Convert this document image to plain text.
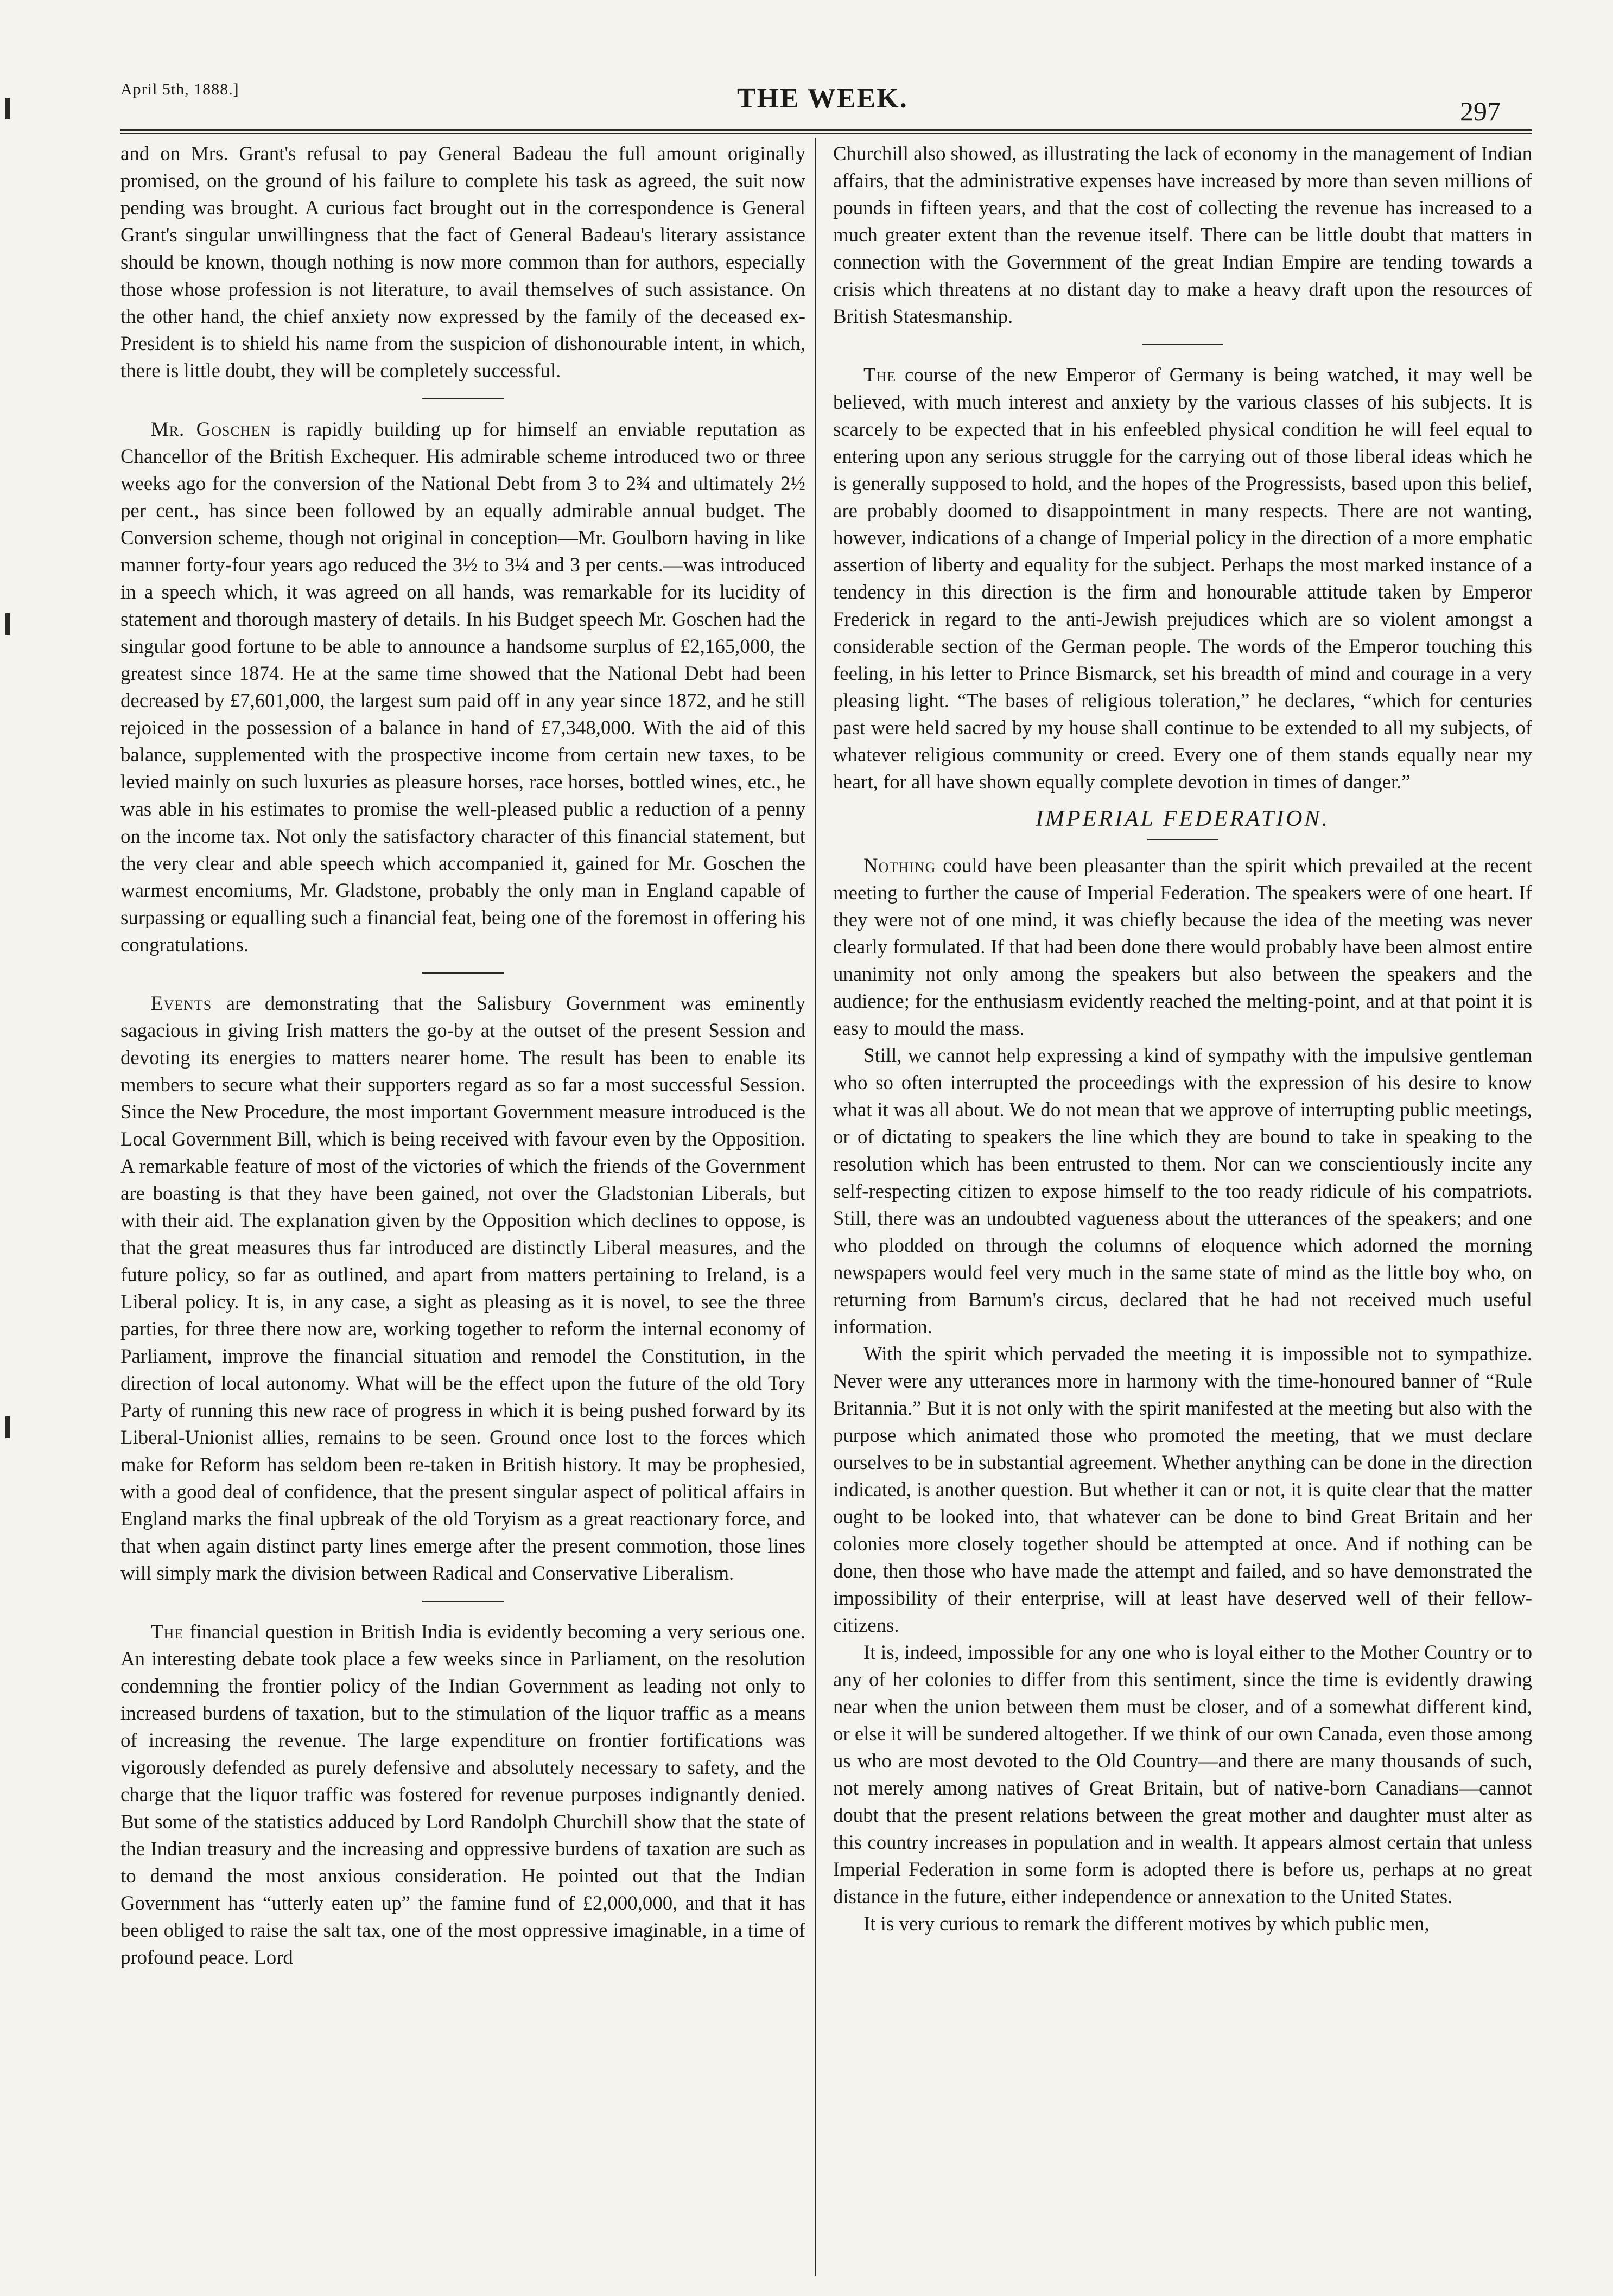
April 5th, 1888.]	THE WEEK.	297

and on Mrs. Grant's refusal to pay General Badeau the full amount originally promised, on the ground of his failure to complete his task as agreed, the suit now pending was brought. A curious fact brought out in the correspondence is General Grant's singular unwillingness that the fact of General Badeau's literary assistance should be known, though nothing is now more common than for authors, especially those whose profession is not literature, to avail themselves of such assistance. On the other hand, the chief anxiety now expressed by the family of the deceased ex-President is to shield his name from the suspicion of dishonourable intent, in which, there is little doubt, they will be completely successful.

Mr. Goschen is rapidly building up for himself an enviable reputation as Chancellor of the British Exchequer. His admirable scheme introduced two or three weeks ago for the conversion of the National Debt from 3 to 2¾ and ultimately 2½ per cent., has since been followed by an equally admirable annual budget. The Conversion scheme, though not original in conception—Mr. Goulborn having in like manner forty-four years ago reduced the 3½ to 3¼ and 3 per cents.—was introduced in a speech which, it was agreed on all hands, was remarkable for its lucidity of statement and thorough mastery of details. In his Budget speech Mr. Goschen had the singular good fortune to be able to announce a handsome surplus of £2,165,000, the greatest since 1874. He at the same time showed that the National Debt had been decreased by £7,601,000, the largest sum paid off in any year since 1872, and he still rejoiced in the possession of a balance in hand of £7,348,000. With the aid of this balance, supplemented with the prospective income from certain new taxes, to be levied mainly on such luxuries as pleasure horses, race horses, bottled wines, etc., he was able in his estimates to promise the well-pleased public a reduction of a penny on the income tax. Not only the satisfactory character of this financial statement, but the very clear and able speech which accompanied it, gained for Mr. Goschen the warmest encomiums, Mr. Gladstone, probably the only man in England capable of surpassing or equalling such a financial feat, being one of the foremost in offering his congratulations.

Events are demonstrating that the Salisbury Government was eminently sagacious in giving Irish matters the go-by at the outset of the present Session and devoting its energies to matters nearer home. The result has been to enable its members to secure what their supporters regard as so far a most successful Session. Since the New Procedure, the most important Government measure introduced is the Local Government Bill, which is being received with favour even by the Opposition. A remarkable feature of most of the victories of which the friends of the Government are boasting is that they have been gained, not over the Gladstonian Liberals, but with their aid. The explanation given by the Opposition which declines to oppose, is that the great measures thus far introduced are distinctly Liberal measures, and the future policy, so far as outlined, and apart from matters pertaining to Ireland, is a Liberal policy. It is, in any case, a sight as pleasing as it is novel, to see the three parties, for three there now are, working together to reform the internal economy of Parliament, improve the financial situation and remodel the Constitution, in the direction of local autonomy. What will be the effect upon the future of the old Tory Party of running this new race of progress in which it is being pushed forward by its Liberal-Unionist allies, remains to be seen. Ground once lost to the forces which make for Reform has seldom been re-taken in British history. It may be prophesied, with a good deal of confidence, that the present singular aspect of political affairs in England marks the final upbreak of the old Toryism as a great reactionary force, and that when again distinct party lines emerge after the present commotion, those lines will simply mark the division between Radical and Conservative Liberalism.

The financial question in British India is evidently becoming a very serious one. An interesting debate took place a few weeks since in Parliament, on the resolution condemning the frontier policy of the Indian Government as leading not only to increased burdens of taxation, but to the stimulation of the liquor traffic as a means of increasing the revenue. The large expenditure on frontier fortifications was vigorously defended as purely defensive and absolutely necessary to safety, and the charge that the liquor traffic was fostered for revenue purposes indignantly denied. But some of the statistics adduced by Lord Randolph Churchill show that the state of the Indian treasury and the increasing and oppressive burdens of taxation are such as to demand the most anxious consideration. He pointed out that the Indian Government has “utterly eaten up” the famine fund of £2,000,000, and that it has been obliged to raise the salt tax, one of the most oppressive imaginable, in a time of profound peace. Lord

Churchill also showed, as illustrating the lack of economy in the management of Indian affairs, that the administrative expenses have increased by more than seven millions of pounds in fifteen years, and that the cost of collecting the revenue has increased to a much greater extent than the revenue itself. There can be little doubt that matters in connection with the Government of the great Indian Empire are tending towards a crisis which threatens at no distant day to make a heavy draft upon the resources of British Statesmanship.

The course of the new Emperor of Germany is being watched, it may well be believed, with much interest and anxiety by the various classes of his subjects. It is scarcely to be expected that in his enfeebled physical condition he will feel equal to entering upon any serious struggle for the carrying out of those liberal ideas which he is generally supposed to hold, and the hopes of the Progressists, based upon this belief, are probably doomed to disappointment in many respects. There are not wanting, however, indications of a change of Imperial policy in the direction of a more emphatic assertion of liberty and equality for the subject. Perhaps the most marked instance of a tendency in this direction is the firm and honourable attitude taken by Emperor Frederick in regard to the anti-Jewish prejudices which are so violent amongst a considerable section of the German people. The words of the Emperor touching this feeling, in his letter to Prince Bismarck, set his breadth of mind and courage in a very pleasing light. “The bases of religious toleration,” he declares, “which for centuries past were held sacred by my house shall continue to be extended to all my subjects, of whatever religious community or creed. Every one of them stands equally near my heart, for all have shown equally complete devotion in times of danger.”

IMPERIAL FEDERATION.

Nothing could have been pleasanter than the spirit which prevailed at the recent meeting to further the cause of Imperial Federation. The speakers were of one heart. If they were not of one mind, it was chiefly because the idea of the meeting was never clearly formulated. If that had been done there would probably have been almost entire unanimity not only among the speakers but also between the speakers and the audience; for the enthusiasm evidently reached the melting-point, and at that point it is easy to mould the mass.

Still, we cannot help expressing a kind of sympathy with the impulsive gentleman who so often interrupted the proceedings with the expression of his desire to know what it was all about. We do not mean that we approve of interrupting public meetings, or of dictating to speakers the line which they are bound to take in speaking to the resolution which has been entrusted to them. Nor can we conscientiously incite any self-respecting citizen to expose himself to the too ready ridicule of his compatriots. Still, there was an undoubted vagueness about the utterances of the speakers; and one who plodded on through the columns of eloquence which adorned the morning newspapers would feel very much in the same state of mind as the little boy who, on returning from Barnum's circus, declared that he had not received much useful information.

With the spirit which pervaded the meeting it is impossible not to sympathize. Never were any utterances more in harmony with the time-honoured banner of “Rule Britannia.” But it is not only with the spirit manifested at the meeting but also with the purpose which animated those who promoted the meeting, that we must declare ourselves to be in substantial agreement. Whether anything can be done in the direction indicated, is another question. But whether it can or not, it is quite clear that the matter ought to be looked into, that whatever can be done to bind Great Britain and her colonies more closely together should be attempted at once. And if nothing can be done, then those who have made the attempt and failed, and so have demonstrated the impossibility of their enterprise, will at least have deserved well of their fellow-citizens.

It is, indeed, impossible for any one who is loyal either to the Mother Country or to any of her colonies to differ from this sentiment, since the time is evidently drawing near when the union between them must be closer, and of a somewhat different kind, or else it will be sundered altogether. If we think of our own Canada, even those among us who are most devoted to the Old Country—and there are many thousands of such, not merely among natives of Great Britain, but of native-born Canadians—cannot doubt that the present relations between the great mother and daughter must alter as this country increases in population and in wealth. It appears almost certain that unless Imperial Federation in some form is adopted there is before us, perhaps at no great distance in the future, either independence or annexation to the United States.

It is very curious to remark the different motives by which public men,
